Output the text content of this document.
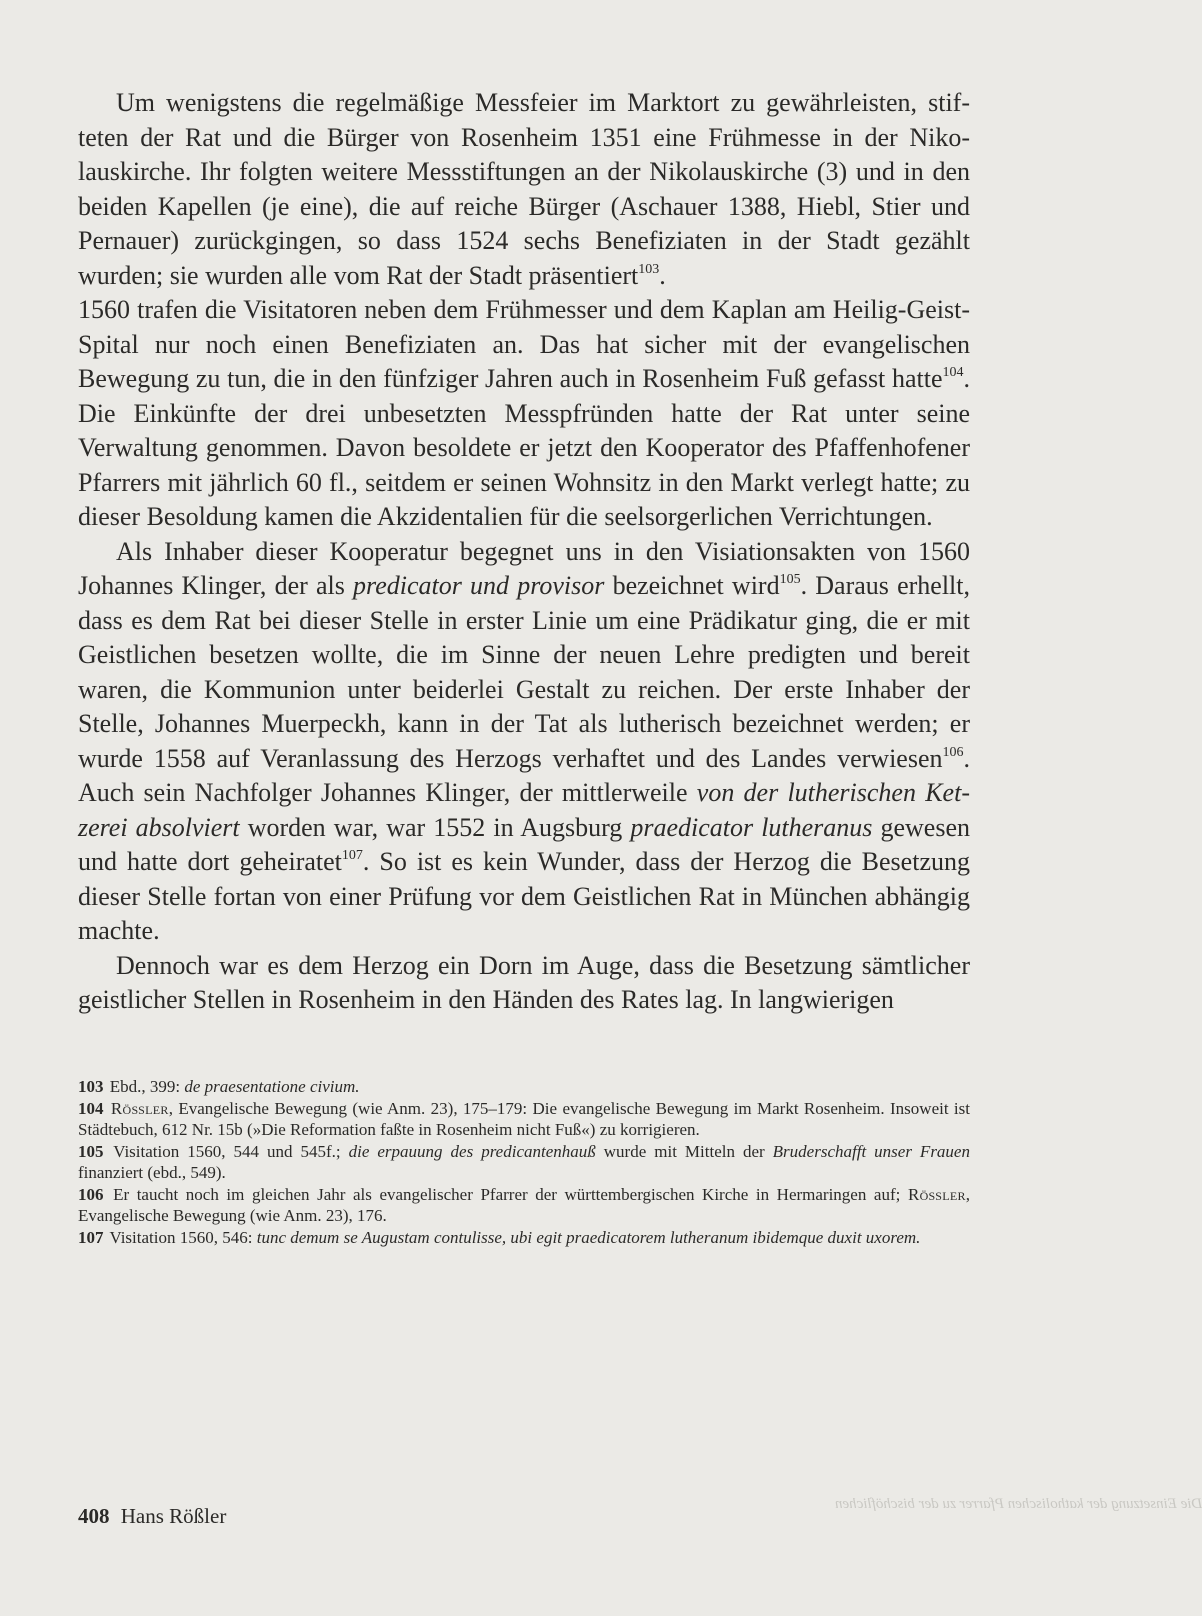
Um wenigstens die regelmäßige Messfeier im Marktort zu gewährleisten, stifteten der Rat und die Bürger von Rosenheim 1351 eine Frühmesse in der Nikolauskirche. Ihr folgten weitere Messstiftungen an der Nikolauskirche (3) und in den beiden Kapellen (je eine), die auf reiche Bürger (Aschauer 1388, Hiebl, Stier und Pernauer) zurückgingen, so dass 1524 sechs Benefiziaten in der Stadt gezählt wurden; sie wurden alle vom Rat der Stadt präsentiert$^{103}$.

1560 trafen die Visitatoren neben dem Frühmesser und dem Kaplan am Heilig-Geist-Spital nur noch einen Benefiziaten an. Das hat sicher mit der evangelischen Bewegung zu tun, die in den fünfziger Jahren auch in Rosenheim Fuß gefasst hatte$^{104}$. Die Einkünfte der drei unbesetzten Messpfründen hatte der Rat unter seine Verwaltung genommen. Davon besoldete er jetzt den Kooperator des Pfaffenhofener Pfarrers mit jährlich 60 fl., seitdem er seinen Wohnsitz in den Markt verlegt hatte; zu dieser Besoldung kamen die Akzidentalien für die seelsorgerlichen Verrichtungen.

Als Inhaber dieser Kooperatur begegnet uns in den Visiationsakten von 1560 Johannes Klinger, der als predicator und provisor bezeichnet wird$^{105}$. Daraus erhellt, dass es dem Rat bei dieser Stelle in erster Linie um eine Prädikatur ging, die er mit Geistlichen besetzen wollte, die im Sinne der neuen Lehre predigten und bereit waren, die Kommunion unter beiderlei Gestalt zu reichen. Der erste Inhaber der Stelle, Johannes Muerpeckh, kann in der Tat als lutherisch bezeichnet werden; er wurde 1558 auf Veranlassung des Herzogs verhaftet und des Landes verwiesen$^{106}$. Auch sein Nachfolger Johannes Klinger, der mittlerweile von der lutherischen Ketzerei absolviert worden war, war 1552 in Augsburg praedicator lutheranus gewesen und hatte dort geheiratet$^{107}$. So ist es kein Wunder, dass der Herzog die Besetzung dieser Stelle fortan von einer Prüfung vor dem Geistlichen Rat in München abhängig machte.

Dennoch war es dem Herzog ein Dorn im Auge, dass die Besetzung sämtlicher geistlicher Stellen in Rosenheim in den Händen des Rates lag. In langwierigen

103 Ebd., 399: de praesentatione civium.
104 Rößler, Evangelische Bewegung (wie Anm. 23), 175–179: Die evangelische Bewegung im Markt Rosenheim. Insoweit ist Städtebuch, 612 Nr. 15b (»Die Reformation faßte in Rosenheim nicht Fuß«) zu korrigieren.
105 Visitation 1560, 544 und 545f.; die erpauung des predicantenhauß wurde mit Mitteln der Bruderschafft unser Frauen finanziert (ebd., 549).
106 Er taucht noch im gleichen Jahr als evangelischer Pfarrer der württembergischen Kirche in Hermaringen auf; Rößler, Evangelische Bewegung (wie Anm. 23), 176.
107 Visitation 1560, 546: tunc demum se Augustam contulisse, ubi egit praedicatorem lutheranum ibidemque duxit uxorem.
408 Hans Rößler	Die Einsetzung der katholischen Pfarrer zu der bischöflichen
